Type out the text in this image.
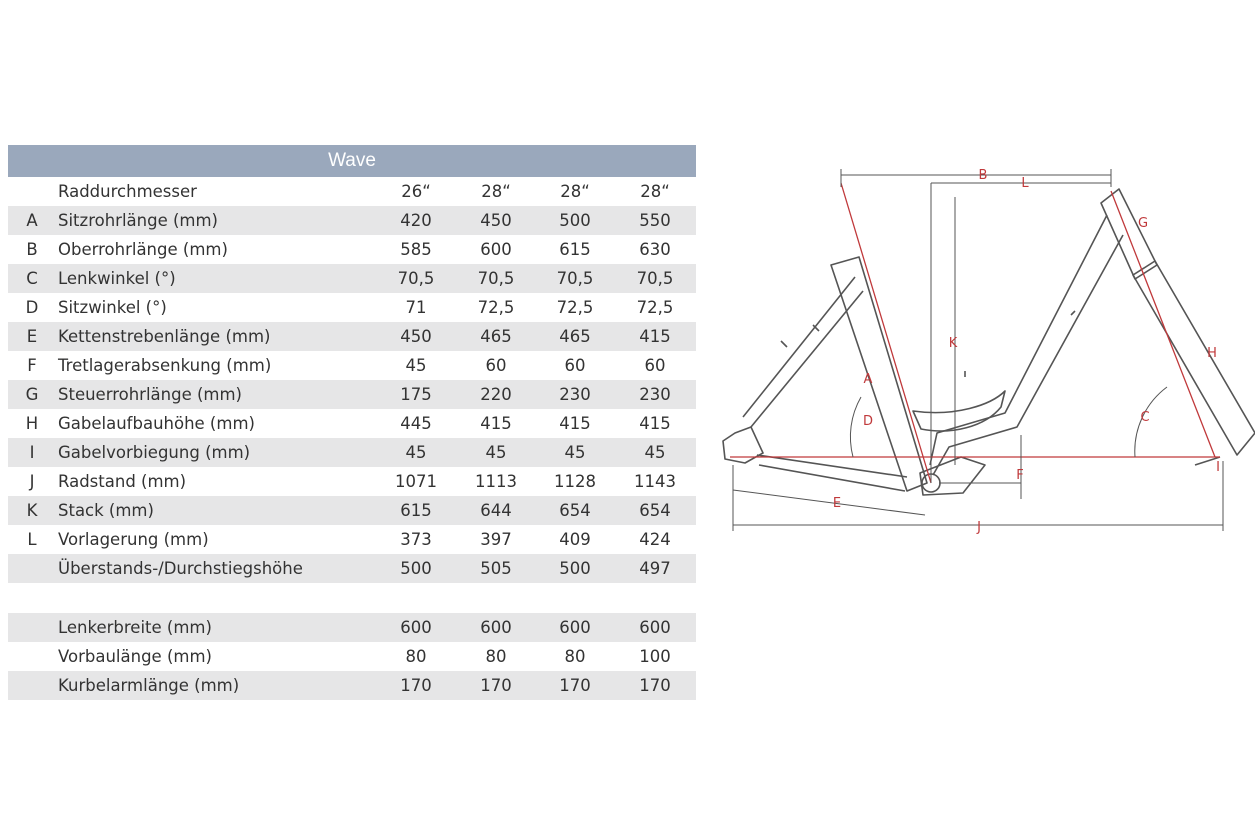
Wave
Raddurchmesser	26“	28“	28“	28“
A	Sitzrohrlänge (mm)	420	450	500	550
B	Oberrohrlänge (mm)	585	600	615	630
C	Lenkwinkel (°)	70,5	70,5	70,5	70,5
D	Sitzwinkel (°)	71	72,5	72,5	72,5
E	Kettenstrebenlänge (mm)	450	465	465	415
F	Tretlagerabsenkung (mm)	45	60	60	60
G	Steuerrohrlänge (mm)	175	220	230	230
H	Gabelaufbauhöhe (mm)	445	415	415	415
I	Gabelvorbiegung (mm)	45	45	45	45
J	Radstand (mm)	1071	1113	1128	1143
K	Stack (mm)	615	644	654	654
L	Vorlagerung (mm)	373	397	409	424
Überstands-/Durchstiegshöhe	500	505	500	497
Lenkerbreite (mm)	600	600	600	600
Vorbaulänge (mm)	80	80	80	100
Kurbelarmlänge (mm)	170	170	170	170
B
L
G
K
A
H
D	C
F
I
E
J
